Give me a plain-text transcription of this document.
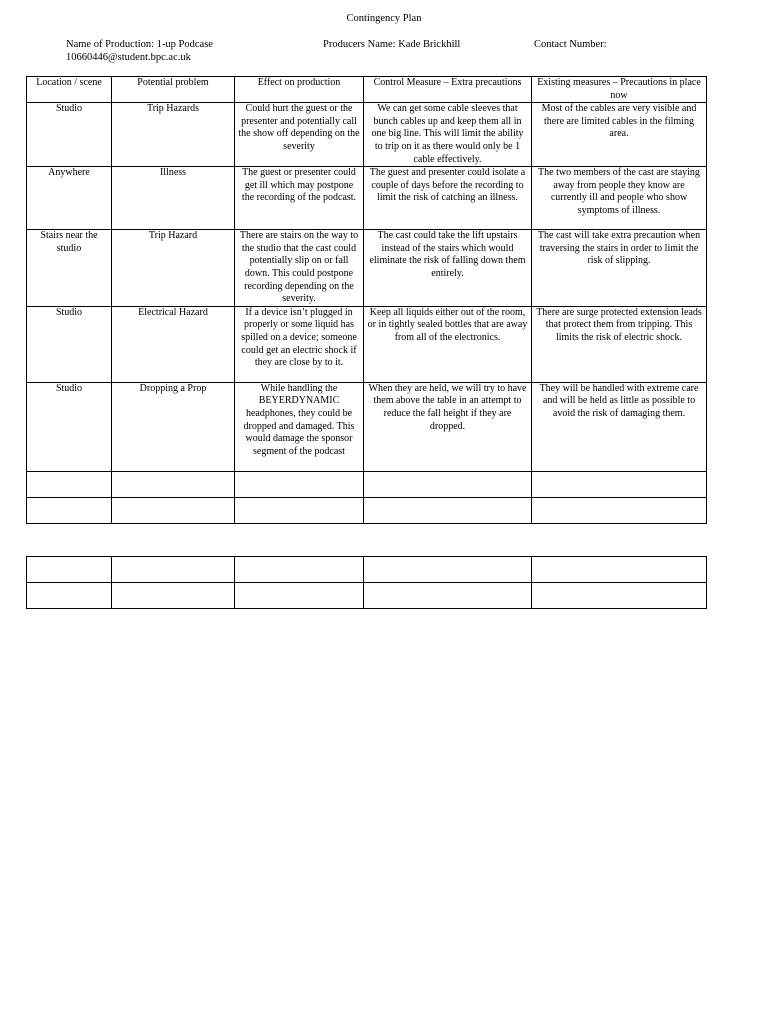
Contingency Plan
Name of Production: 1-up Podcase
10660446@student.bpc.ac.uk
Producers Name: Kade Brickhill	Contact Number:
Location / scene	Potential problem	Effect on production	Control Measure – Extra precautions	Existing measures – Precautions in place now
Studio	Trip Hazards	Could hurt the guest or the presenter and potentially call the show off depending on the severity	We can get some cable sleeves that bunch cables up and keep them all in one big line. This will limit the ability to trip on it as there would only be 1 cable effectively.	Most of the cables are very visible and there are limited cables in the filming area.
Anywhere	Illness	The guest or presenter could get ill which may postpone the recording of the podcast.	The guest and presenter could isolate a couple of days before the recording to limit the risk of catching an illness.	The two members of the cast are staying away from people they know are currently ill and people who show symptoms of illness.
Stairs near the studio	Trip Hazard	There are stairs on the way to the studio that the cast could potentially slip on or fall down. This could postpone recording depending on the severity.	The cast could take the lift upstairs instead of the stairs which would eliminate the risk of falling down them entirely.	The cast will take extra precaution when traversing the stairs in order to limit the risk of slipping.
Studio	Electrical Hazard	If a device isn’t plugged in properly or some liquid has spilled on a device; someone could get an electric shock if they are close by to it.	Keep all liquids either out of the room, or in tightly sealed bottles that are away from all of the electronics.	There are surge protected extension leads that protect them from tripping. This limits the risk of electric shock.
Studio	Dropping a Prop	While handling the BEYERDYNAMIC headphones, they could be dropped and damaged. This would damage the sponsor segment of the podcast	When they are held, we will try to have them above the table in an attempt to reduce the fall height if they are dropped.	They will be handled with extreme care and will be held as little as possible to avoid the risk of damaging them.
